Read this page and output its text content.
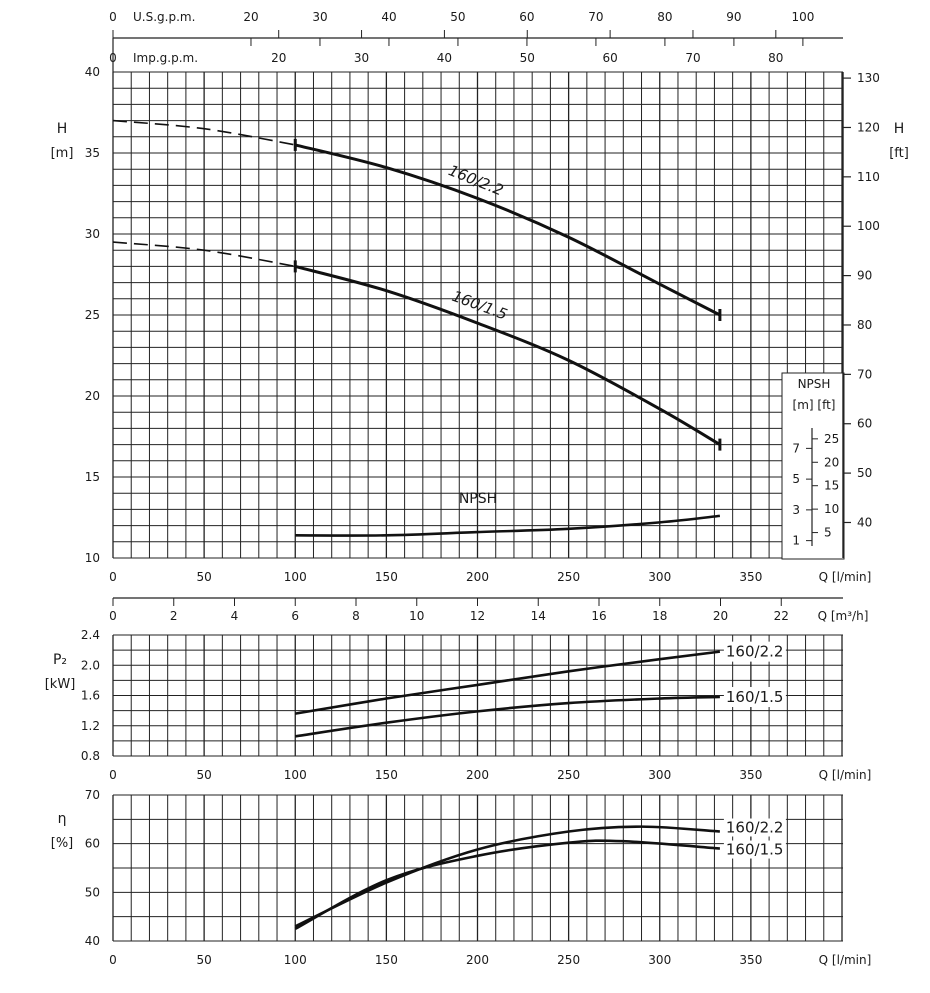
10
15
20
25
30
35
40
40
50
60
70
80
90
100
110
120
130
H
[m]
H
[ft]
0	50	100	150	200	250	300	350	Q [l/min]
0	20	30	40	50	60	70	80	90	100
U.S.g.p.m.
0	20	30	40	50	60	70	80
Imp.g.p.m.
160/2.2
160/1.5
NPSH
NPSH
[m] [ft]
1
3
5
7
5
10
15
20
25
0	2	4	6	8	10	12	14	16	18	20	22 Q [m³/h]
0.8
1.2
1.6
2.0
2.4
P₂
[kW]
0	50	100	150	200	250	300	350	Q [l/min]
160/2.2
160/1.5
40
50
60
70
η
[%]
0	50	100	150	200	250	300	350	Q [l/min]
160/2.2
160/1.5
